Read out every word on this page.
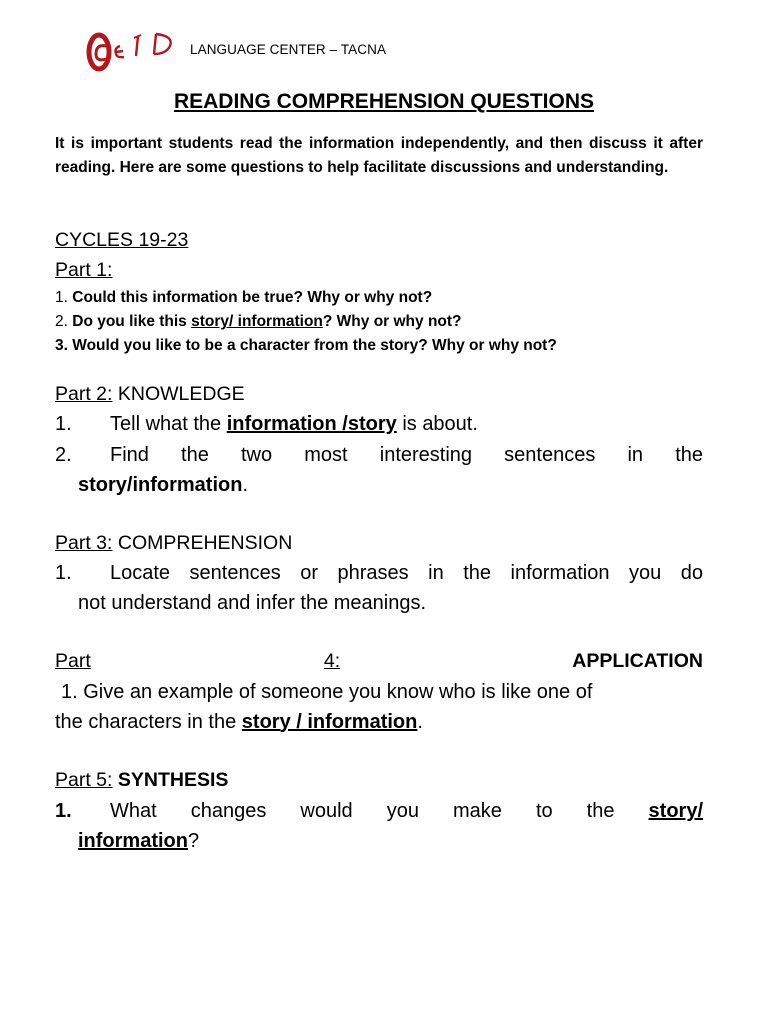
LANGUAGE CENTER – TACNA
READING COMPREHENSION QUESTIONS
It is important students read the information independently, and then discuss it after reading. Here are some questions to help facilitate discussions and understanding.
CYCLES 19-23
Part 1:
1. Could this information be true? Why or why not?
2. Do you like this story/ information? Why or why not?
3. Would you like to be a character from the story? Why or why not?
Part 2: KNOWLEDGE
1. Tell what the information /story is about.
2. Find the two most interesting sentences in the
story/information.
Part 3: COMPREHENSION
1. Locate sentences or phrases in the information you do
not understand and infer the meanings.
Part	4:	APPLICATION
1. Give an example of someone you know who is like one of
the characters in the story / information.
Part 5: SYNTHESIS
1. What changes would you make to the story/
information?
